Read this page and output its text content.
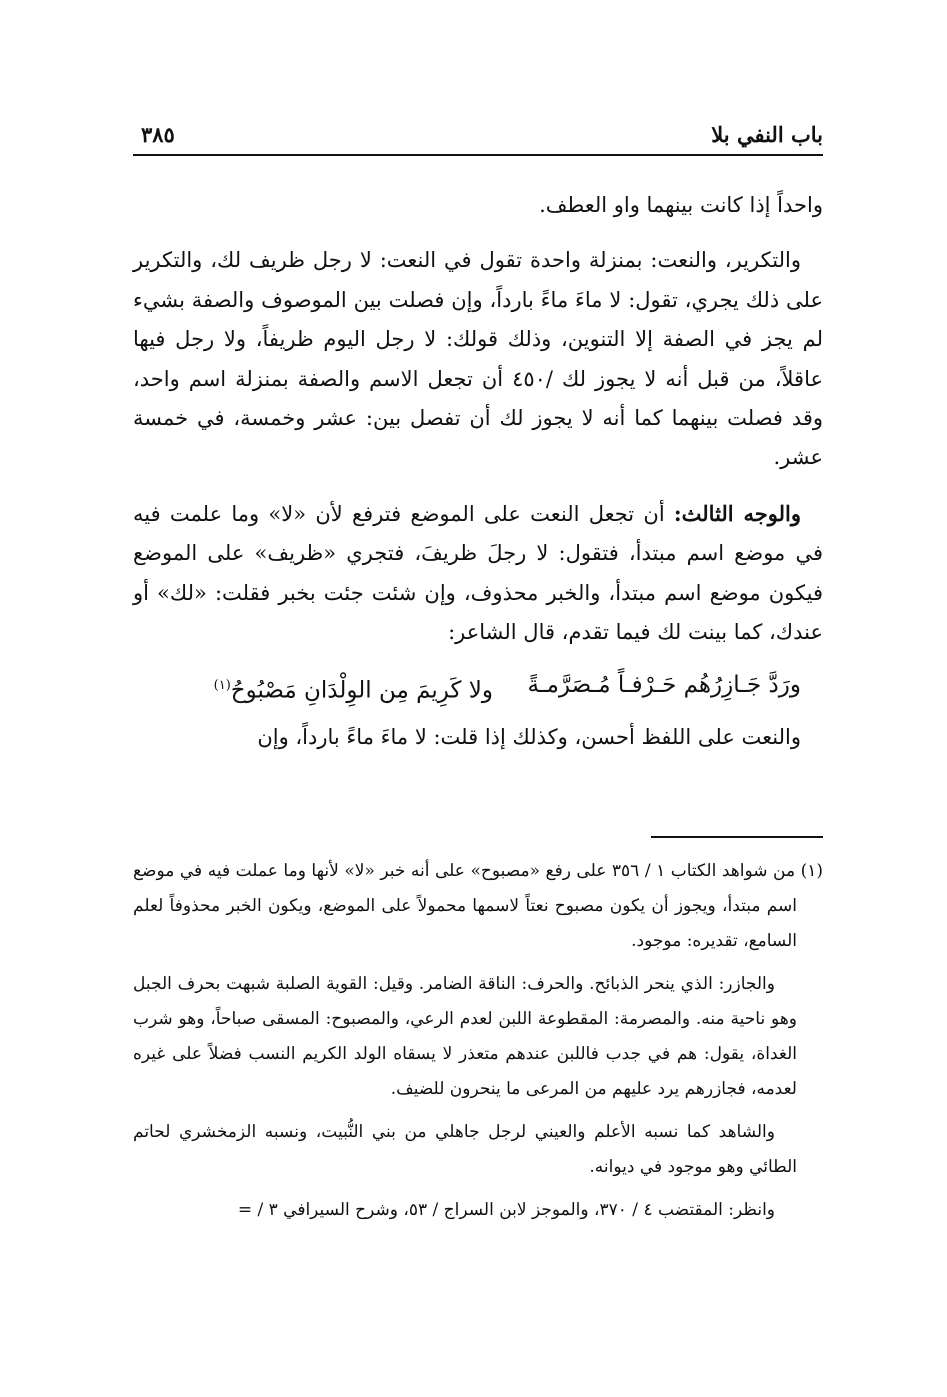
باب النفي بلا
٣٨٥

واحداً إذا كانت بينهما واو العطف.

والتكرير، والنعت: بمنزلة واحدة تقول في النعت: لا رجل ظريف لك، والتكرير على ذلك يجري، تقول: لا ماءَ ماءً بارداً، وإن فصلت بين الموصوف والصفة بشيء لم يجز في الصفة إلا التنوين، وذلك قولك: لا رجل اليوم ظريفاً، ولا رجل فيها عاقلاً، من قبل أنه لا يجوز لك /٤٥٠ أن تجعل الاسم والصفة بمنزلة اسم واحد، وقد فصلت بينهما كما أنه لا يجوز لك أن تفصل بين: عشر وخمسة، في خمسة عشر.

والوجه الثالث: أن تجعل النعت على الموضع فترفع لأن «لا» وما علمت فيه في موضع اسم مبتدأ، فتقول: لا رجلَ ظريفَ، فتجري «ظريف» على الموضع فيكون موضع اسم مبتدأ، والخبر محذوف، وإن شئت جئت بخبر فقلت: «لك» أو عندك، كما بينت لك فيما تقدم، قال الشاعر:

ورَدَّ جَـازِرُهُم حَـرْفـاً مُـصَرَّمـةً
ولا كَرِيمَ مِن الوِلْدَانِ مَصْبُوحُ$^{(١)}$

والنعت على اللفظ أحسن، وكذلك إذا قلت: لا ماءَ ماءً بارداً، وإن

(١) من شواهد الكتاب ١ / ٣٥٦ على رفع «مصبوح» على أنه خبر «لا» لأنها وما عملت فيه في موضع اسم مبتدأ، ويجوز أن يكون مصبوح نعتاً لاسمها محمولاً على الموضع، ويكون الخبر محذوفاً لعلم السامع، تقديره: موجود.

والجازر: الذي ينحر الذبائح. والحرف: الناقة الضامر. وقيل: القوية الصلبة شبهت بحرف الجبل وهو ناحية منه. والمصرمة: المقطوعة اللبن لعدم الرعي، والمصبوح: المسقى صباحاً، وهو شرب الغداة، يقول: هم في جدب فاللبن عندهم متعذر لا يسقاه الولد الكريم النسب فضلاً على غيره لعدمه، فجازرهم يرد عليهم من المرعى ما ينحرون للضيف.

والشاهد كما نسبه الأعلم والعيني لرجل جاهلي من بني النُّبيت، ونسبه الزمخشري لحاتم الطائي وهو موجود في ديوانه.

وانظر: المقتضب ٤ / ٣٧٠، والموجز لابن السراج / ٥٣، وشرح السيرافي ٣ / =
